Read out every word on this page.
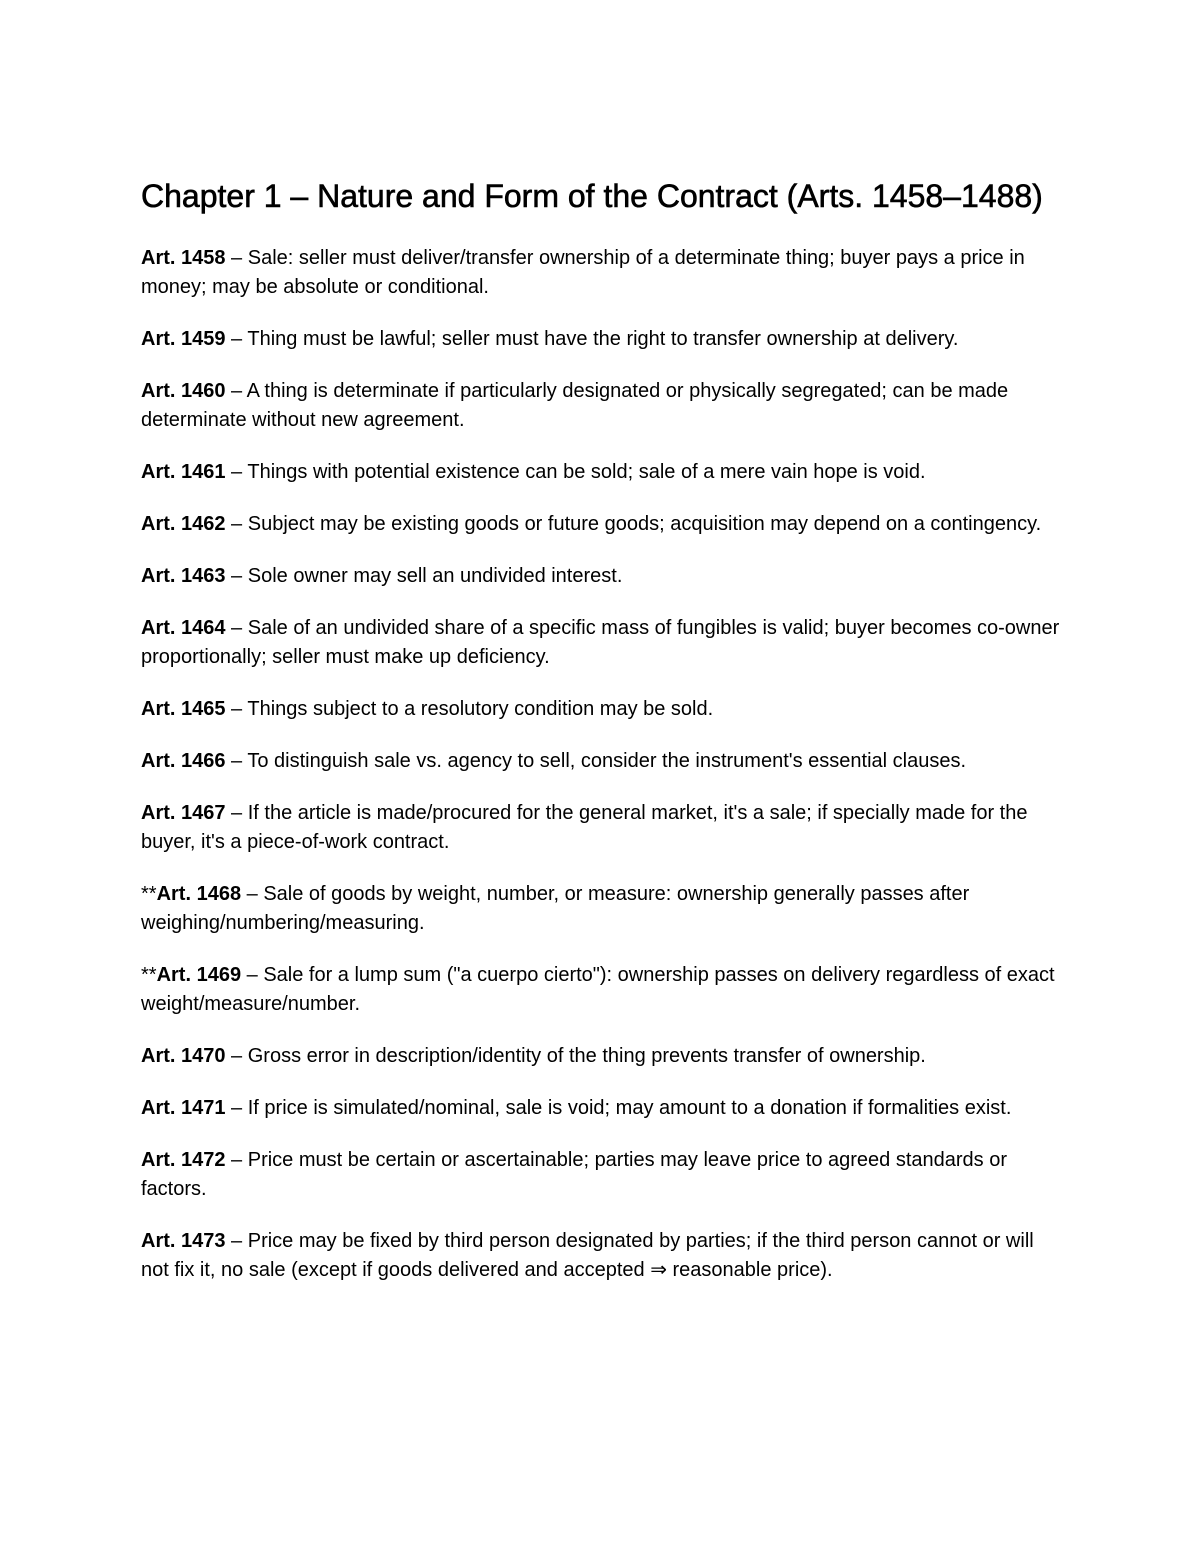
Chapter 1 – Nature and Form of the Contract (Arts. 1458–1488)

Art. 1458 – Sale: seller must deliver/transfer ownership of a determinate thing; buyer pays a price in money; may be absolute or conditional.

Art. 1459 – Thing must be lawful; seller must have the right to transfer ownership at delivery.

Art. 1460 – A thing is determinate if particularly designated or physically segregated; can be made determinate without new agreement.

Art. 1461 – Things with potential existence can be sold; sale of a mere vain hope is void.

Art. 1462 – Subject may be existing goods or future goods; acquisition may depend on a contingency.

Art. 1463 – Sole owner may sell an undivided interest.

Art. 1464 – Sale of an undivided share of a specific mass of fungibles is valid; buyer becomes co-owner proportionally; seller must make up deficiency.

Art. 1465 – Things subject to a resolutory condition may be sold.

Art. 1466 – To distinguish sale vs. agency to sell, consider the instrument's essential clauses.

Art. 1467 – If the article is made/procured for the general market, it's a sale; if specially made for the buyer, it's a piece-of-work contract.

**Art. 1468 – Sale of goods by weight, number, or measure: ownership generally passes after weighing/numbering/measuring.

**Art. 1469 – Sale for a lump sum ("a cuerpo cierto"): ownership passes on delivery regardless of exact weight/measure/number.

Art. 1470 – Gross error in description/identity of the thing prevents transfer of ownership.

Art. 1471 – If price is simulated/nominal, sale is void; may amount to a donation if formalities exist.

Art. 1472 – Price must be certain or ascertainable; parties may leave price to agreed standards or factors.

Art. 1473 – Price may be fixed by third person designated by parties; if the third person cannot or will not fix it, no sale (except if goods delivered and accepted ⇒ reasonable price).
